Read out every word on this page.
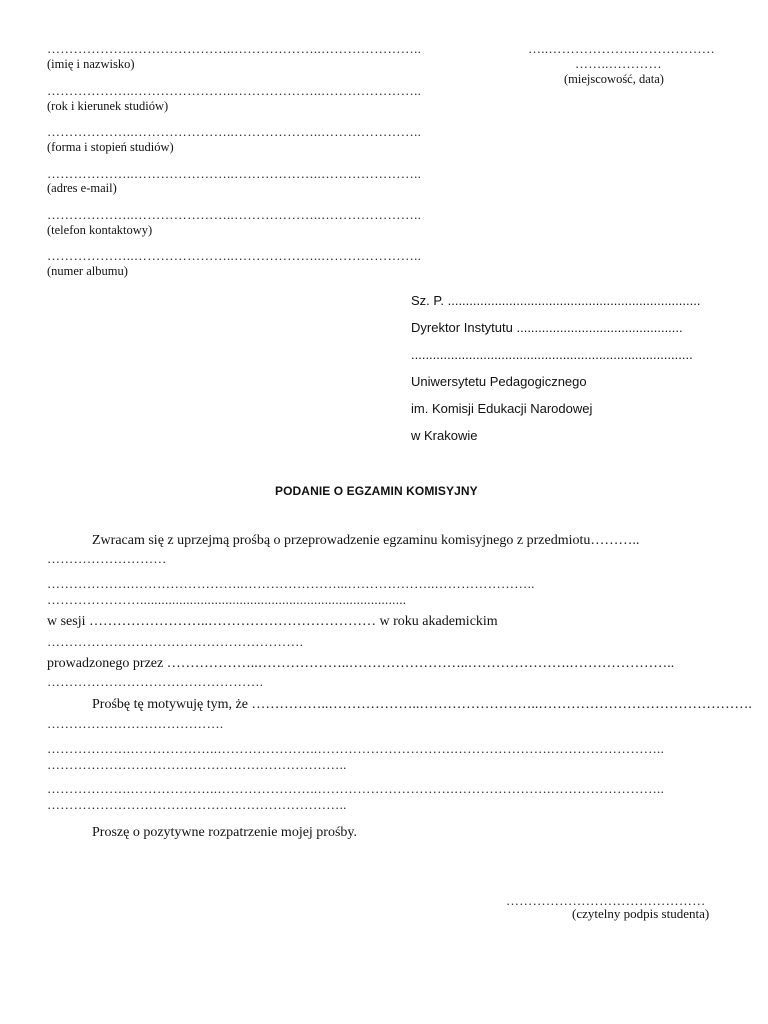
………………..…………………..………………..…………………..
(imię i nazwisko)
………………..…………………..………………..…………………..
(rok i kierunek studiów)
………………..…………………..………………..…………………..
(forma i stopień studiów)
………………..…………………..………………..…………………..
(adres e-mail)
………………..…………………..………………..…………………..
(telefon kontaktowy)
………………..…………………..………………..…………………..
(numer albumu)
…..………………..………………
……..…………
(miejscowość, data)
Sz. P. ......................................................................
Dyrektor Instytutu ..............................................
..............................................................................
Uniwersytetu Pedagogicznego
im. Komisji Edukacji Narodowej
w Krakowie
PODANIE O EGZAMIN KOMISYJNY
Zwracam się z uprzejmą prośbą o przeprowadzenie egzaminu komisyjnego z przedmiotu………..
………………………
……………….……………………..…………………...………………..…………………..
…………………...........................................................................
w sesji ……………………..……………………………… w roku akademickim
………………………………………………….
prowadzonego przez ………………..………………..……………………..………………….…………………..
………………………………………….
Prośbę tę motywuję tym, że ……………..………………..……………………..……………………………………….
………………………………….
……………….………………..…………………..………………………….………………….……………………..
…………………………………………………………..
……………….………………..…………………..………………………….………………….……………………..
…………………………………………………………..
Proszę o pozytywne rozpatrzenie mojej prośby.
………………………………………
(czytelny podpis studenta)
